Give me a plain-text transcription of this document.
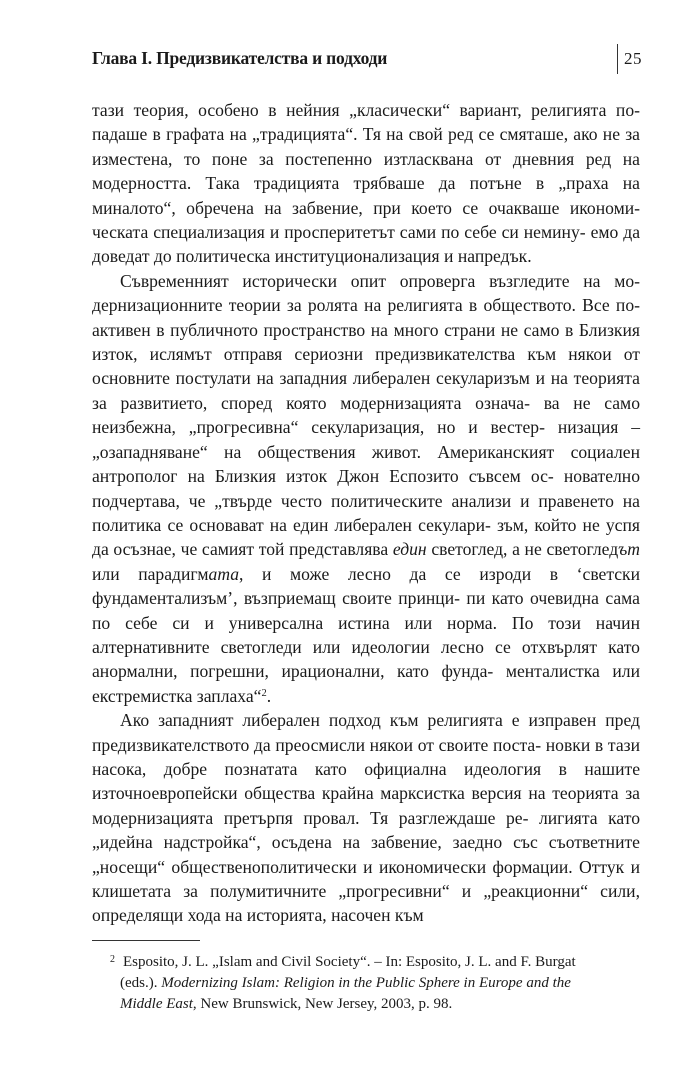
Глава I. Предизвикателства и подходи	25

тази теория, особено в нейния „класически“ вариант, религията по- падаше в графата на „традицията“. Тя на свой ред се смяташе, ако не за изместена, то поне за постепенно изтласквана от дневния ред на модерността. Така традицията трябваше да потъне в „праха на миналото“, обречена на забвение, при което се очакваше икономи- ческата специализация и просперитетът сами по себе си немину- емо да доведат до политическа институционализация и напредък.

Съвременният исторически опит опроверга възгледите на мо- дернизационните теории за ролята на религията в обществото. Все по-активен в публичното пространство на много страни не само в Близкия изток, ислямът отправя сериозни предизвикателства към някои от основните постулати на западния либерален секуларизъм и на теорията за развитието, според която модернизацията означа- ва не само неизбежна, „прогресивна“ секуларизация, но и вестер- низация – „озападняване“ на обществения живот. Американският социален антрополог на Близкия изток Джон Еспозито съвсем ос- нователно подчертава, че „твърде често политическите анализи и правенето на политика се основават на един либерален секулари- зъм, който не успя да осъзнае, че самият той представлява един светоглед, а не светогледът или парадигмата, и може лесно да се изроди в ‘светски фундаментализъм’, възприемащ своите принци- пи като очевидна сама по себе си и универсална истина или норма. По този начин алтернативните светогледи или идеологии лесно се отхвърлят като анормални, погрешни, ирационални, като фунда- менталистка или екстремистка заплаха“$^2$.

Ако западният либерален подход към религията е изправен пред предизвикателството да преосмисли някои от своите поста- новки в тази насока, добре познатата като официална идеология в нашите източноевропейски общества крайна марксистка версия на теорията за модернизацията претърпя провал. Тя разглеждаше ре- лигията като „идейна надстройка“, осъдена на забвение, заедно със съответните „носещи“ общественополитически и икономически формации. Оттук и клишетата за полумитичните „прогресивни“ и „реакционни“ сили, определящи хода на историята, насочен към

$^2$ Esposito, J. L. „Islam and Civil Society“. – In: Esposito, J. L. and F. Burgat
(eds.). Modernizing Islam: Religion in the Public Sphere in Europe and the
Middle East, New Brunswick, New Jersey, 2003, p. 98.
